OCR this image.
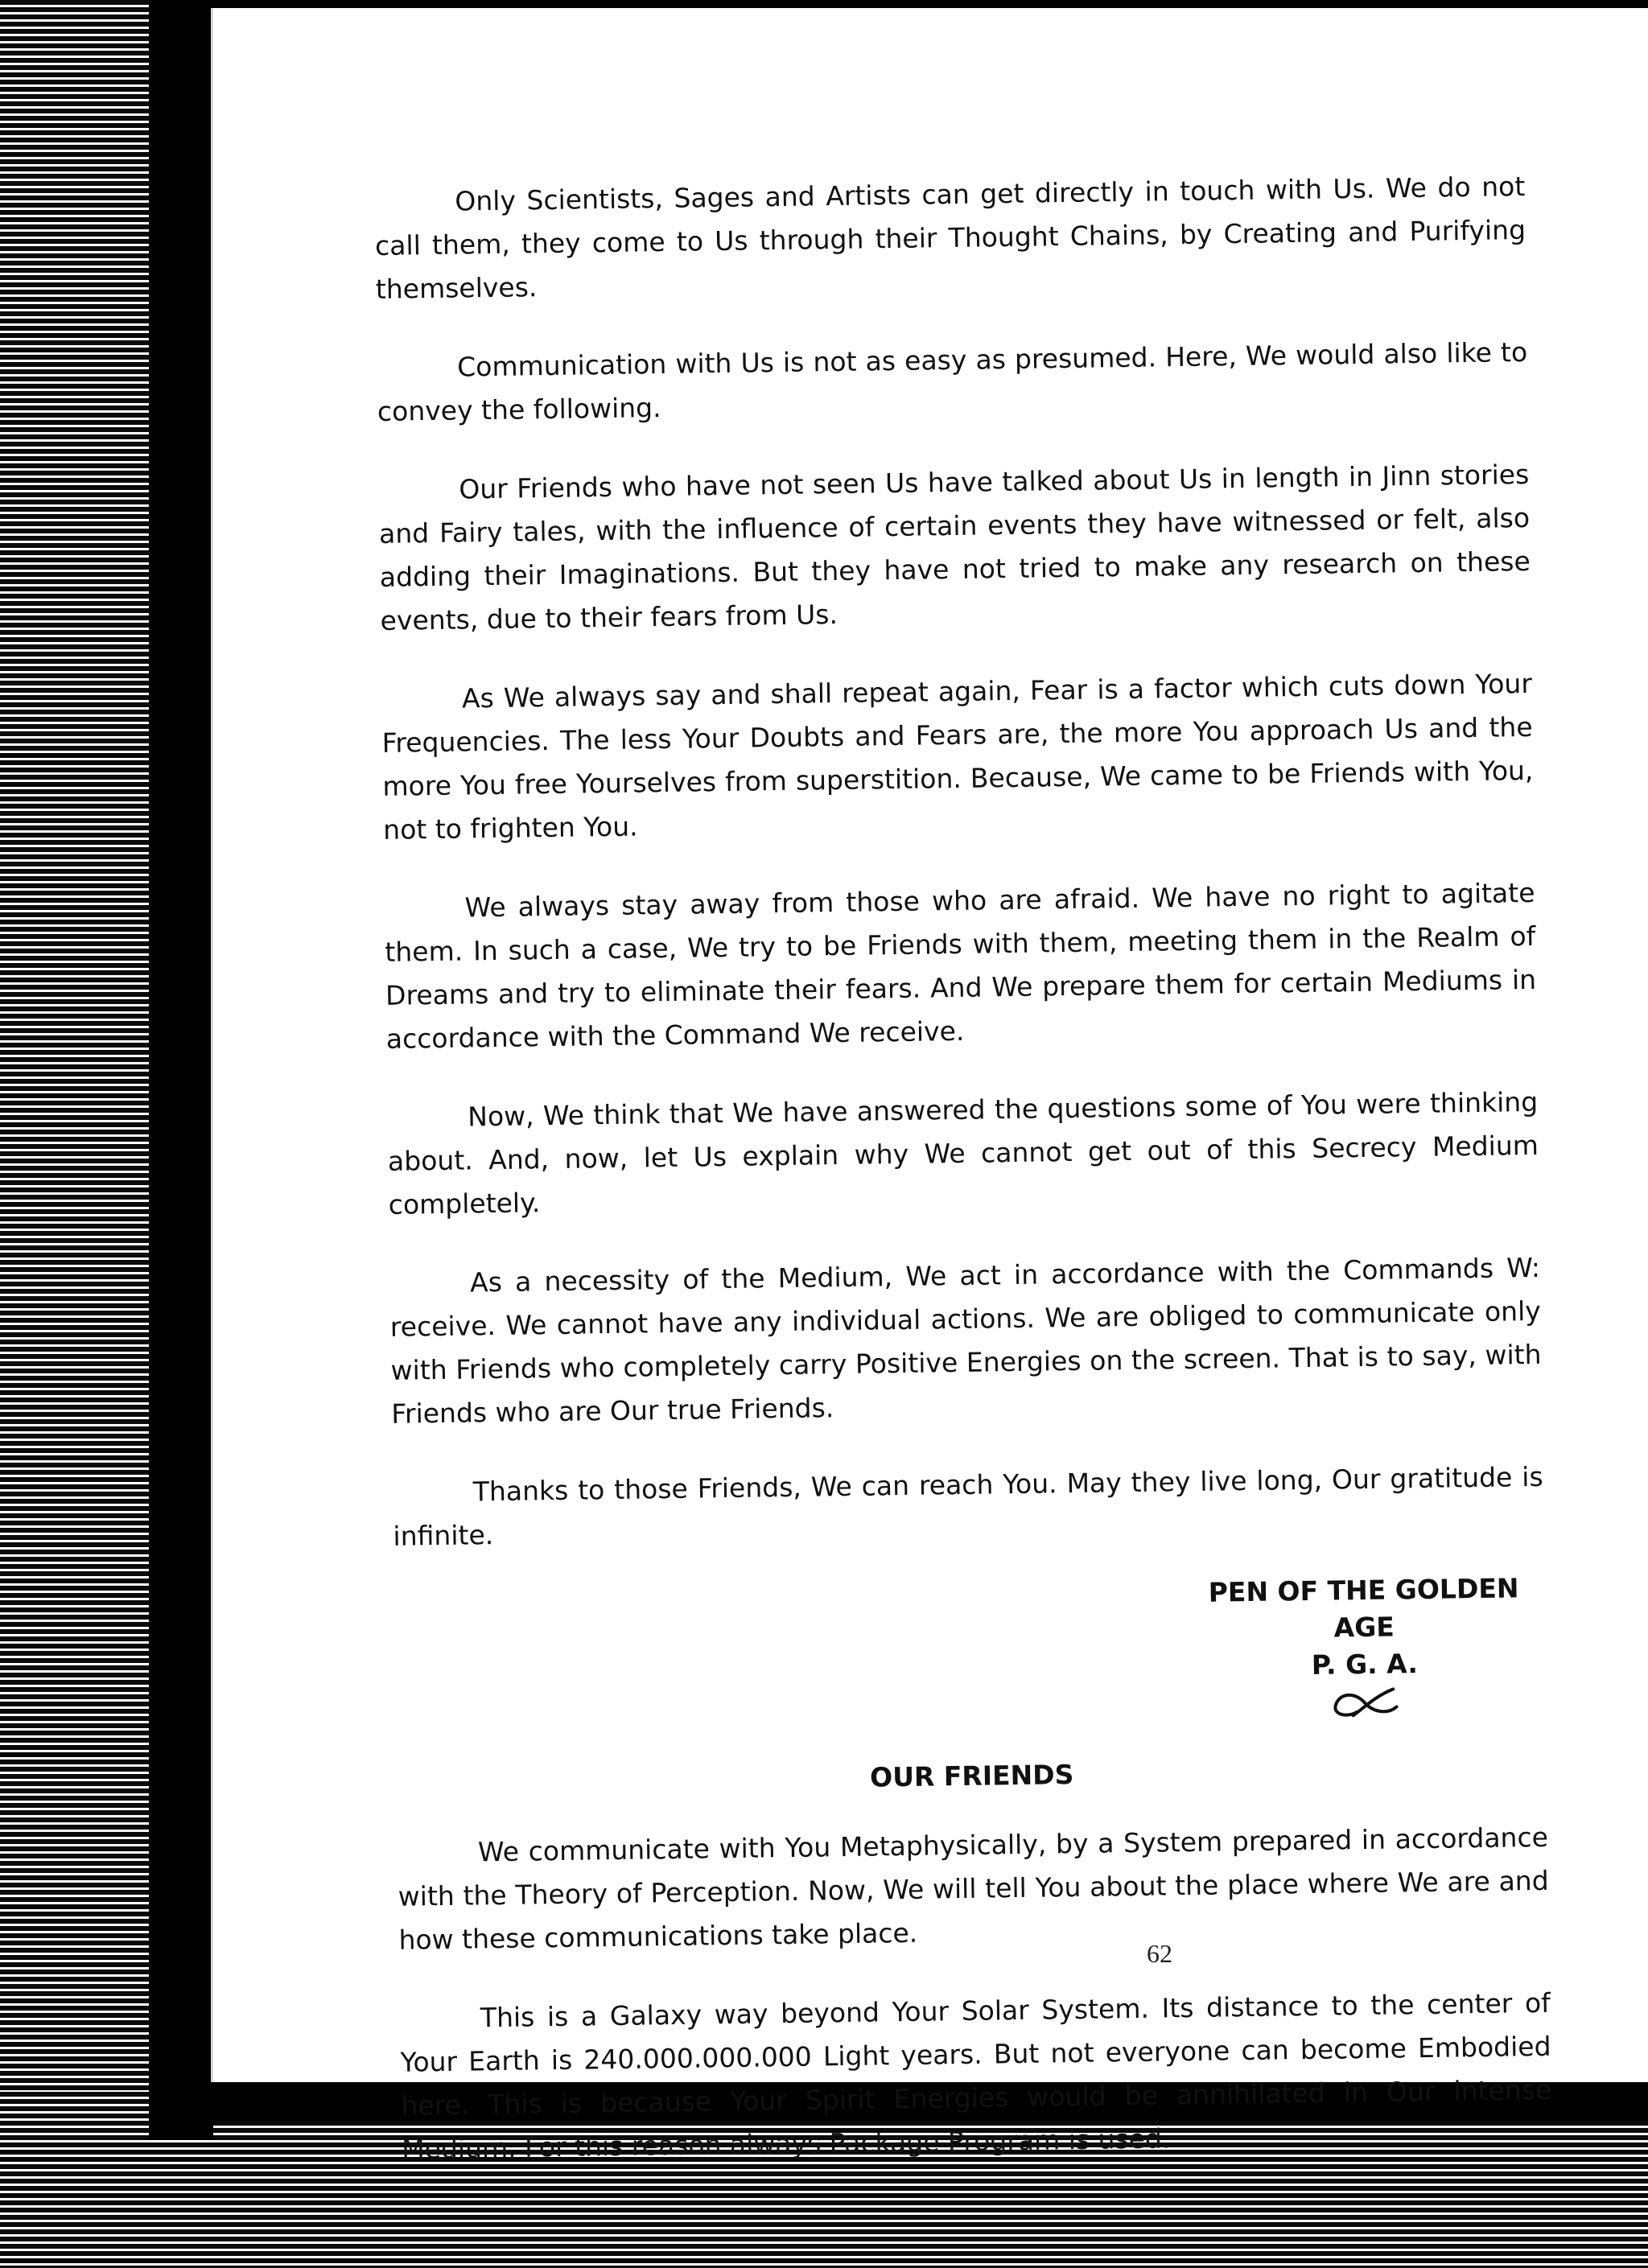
Only Scientists, Sages and Artists can get directly in touch with Us. We do not call them, they come to Us through their Thought Chains, by Creating and Purifying themselves.

Communication with Us is not as easy as presumed. Here, We would also like to convey the following.

Our Friends who have not seen Us have talked about Us in length in Jinn stories and Fairy tales, with the influence of certain events they have witnessed or felt, also adding their Imaginations. But they have not tried to make any research on these events, due to their fears from Us.

As We always say and shall repeat again, Fear is a factor which cuts down Your Frequencies. The less Your Doubts and Fears are, the more You approach Us and the more You free Yourselves from superstition. Because, We came to be Friends with You, not to frighten You.

We always stay away from those who are afraid. We have no right to agitate them. In such a case, We try to be Friends with them, meeting them in the Realm of Dreams and try to eliminate their fears. And We prepare them for certain Mediums in accordance with the Command We receive.

Now, We think that We have answered the questions some of You were thinking about. And, now, let Us explain why We cannot get out of this Secrecy Medium completely.

As a necessity of the Medium, We act in accordance with the Commands W: receive. We cannot have any individual actions. We are obliged to communicate only with Friends who completely carry Positive Energies on the screen. That is to say, with Friends who are Our true Friends.

Thanks to those Friends, We can reach You. May they live long, Our gratitude is infinite.

PEN OF THE GOLDEN AGE
P. G. A.
OUR FRIENDS

We communicate with You Metaphysically, by a System prepared in accordance with the Theory of Perception. Now, We will tell You about the place where We are and how these communications take place.

This is a Galaxy way beyond Your Solar System. Its distance to the center of Your Earth is 240.000.000.000 Light years. But not everyone can become Embodied here. This is because Your Spirit Energies would be annihilated in Our intense Medium. For this reason always Package Program is used.

62
